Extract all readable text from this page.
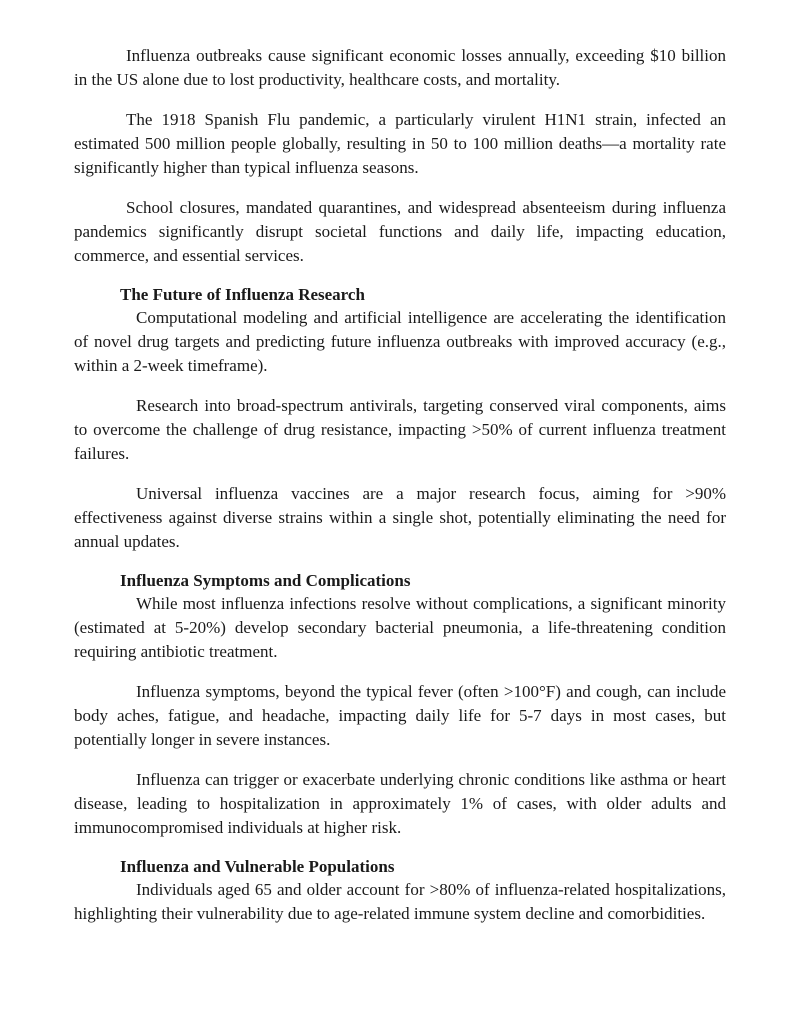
Influenza outbreaks cause significant economic losses annually, exceeding $10 billion in the US alone due to lost productivity, healthcare costs, and mortality.

The 1918 Spanish Flu pandemic, a particularly virulent H1N1 strain, infected an estimated 500 million people globally, resulting in 50 to 100 million deaths—a mortality rate significantly higher than typical influenza seasons.

School closures, mandated quarantines, and widespread absenteeism during influenza pandemics significantly disrupt societal functions and daily life, impacting education, commerce, and essential services.

The Future of Influenza Research

Computational modeling and artificial intelligence are accelerating the identification of novel drug targets and predicting future influenza outbreaks with improved accuracy (e.g., within a 2-week timeframe).

Research into broad-spectrum antivirals, targeting conserved viral components, aims to overcome the challenge of drug resistance, impacting >50% of current influenza treatment failures.

Universal influenza vaccines are a major research focus, aiming for >90% effectiveness against diverse strains within a single shot, potentially eliminating the need for annual updates.

Influenza Symptoms and Complications

While most influenza infections resolve without complications, a significant minority (estimated at 5-20%) develop secondary bacterial pneumonia, a life-threatening condition requiring antibiotic treatment.

Influenza symptoms, beyond the typical fever (often >100°F) and cough, can include body aches, fatigue, and headache, impacting daily life for 5-7 days in most cases, but potentially longer in severe instances.

Influenza can trigger or exacerbate underlying chronic conditions like asthma or heart disease, leading to hospitalization in approximately 1% of cases, with older adults and immunocompromised individuals at higher risk.

Influenza and Vulnerable Populations

Individuals aged 65 and older account for >80% of influenza-related hospitalizations, highlighting their vulnerability due to age-related immune system decline and comorbidities.
